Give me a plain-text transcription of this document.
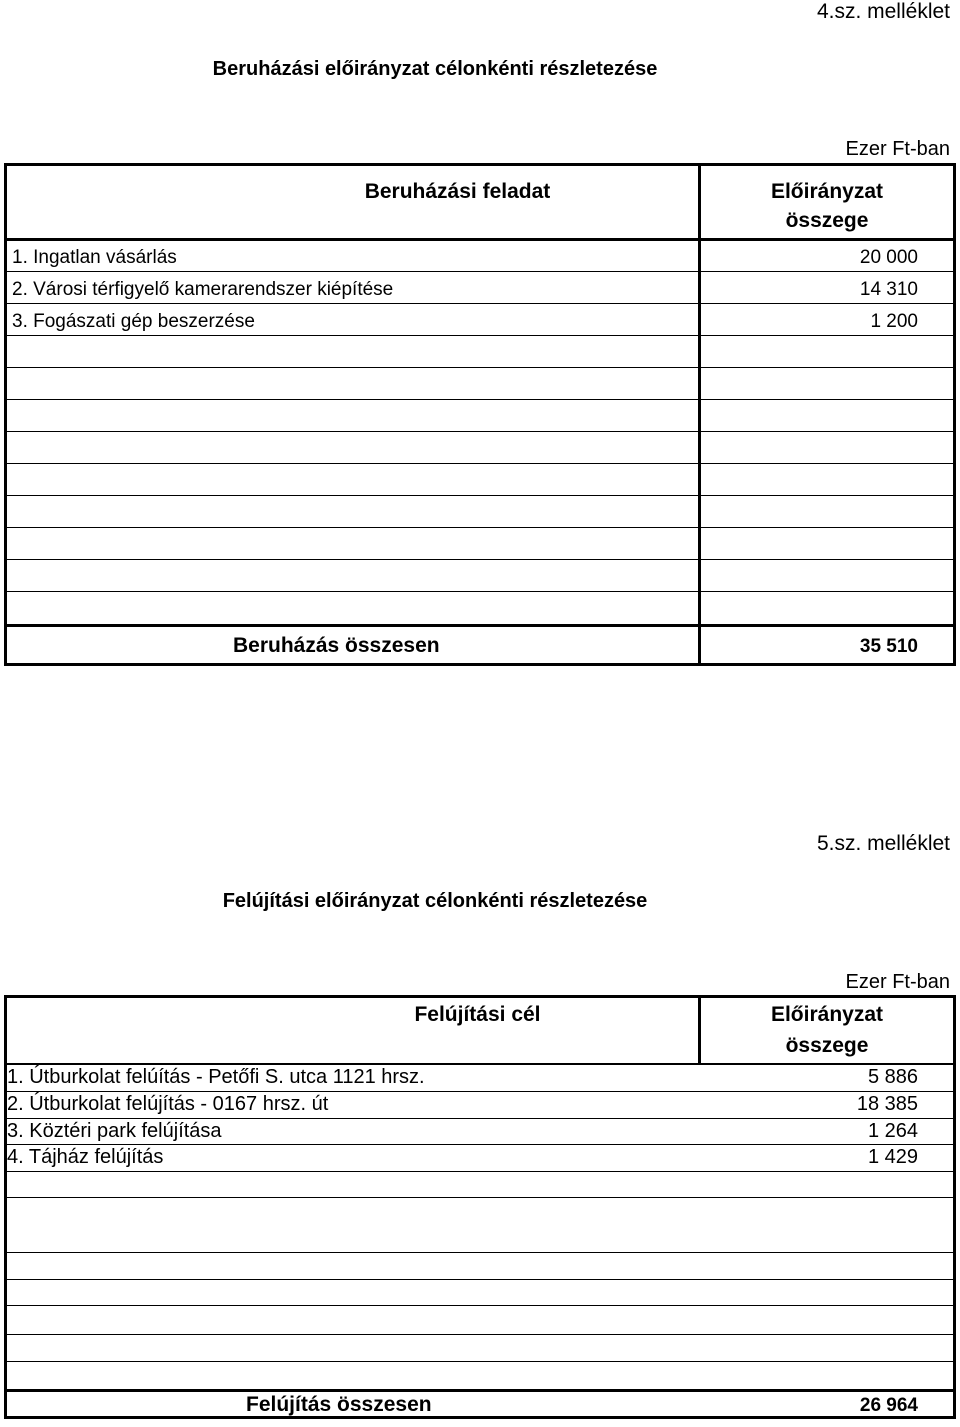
4.sz. melléklet
Beruházási előirányzat célonkénti részletezése
Ezer Ft-ban
Beruházási feladat	Előirányzat
összege
1. Ingatlan vásárlás	20 000
2. Városi térfigyelő kamerarendszer kiépítése	14 310
3. Fogászati gép beszerzése	1 200
Beruházás összesen	35 510
5.sz. melléklet
Felújítási előirányzat célonkénti részletezése
Ezer Ft-ban
Felújítási cél	Előirányzat
összege
1. Útburkolat felúítás - Petőfi S. utca 1121 hrsz.	5 886
2. Útburkolat felújítás - 0167 hrsz. út	18 385
3. Köztéri park felújítása	1 264
4. Tájház felújítás	1 429
Felújítás összesen	26 964
